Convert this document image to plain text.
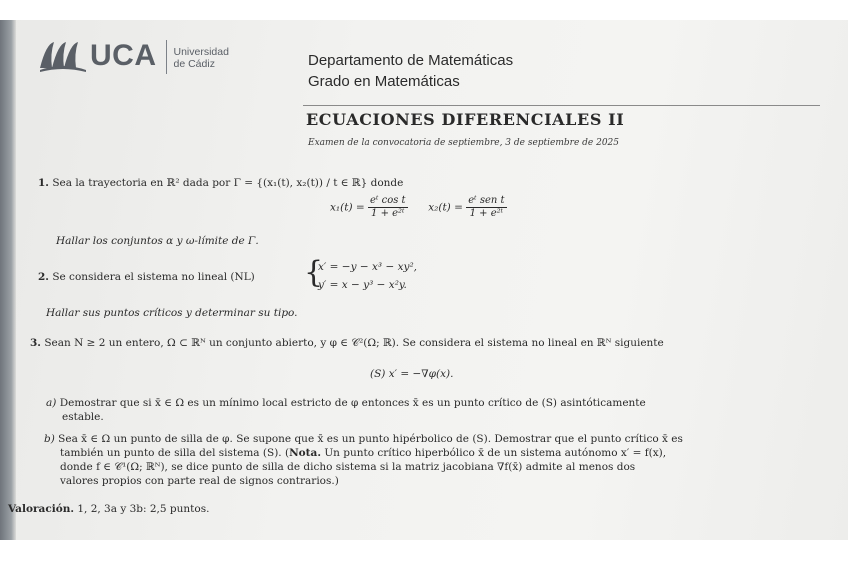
UCA Universidad
de Cádiz	Departamento de Matemáticas
Grado en Matemáticas
ECUACIONES DIFERENCIALES II
Examen de la convocatoria de septiembre, 3 de septiembre de 2025
1. Sea la trayectoria en ℝ² dada por Γ = {(x₁(t), x₂(t)) / t ∈ ℝ} donde
$x_1(t) = \frac{\text{eᵗ cos t}}{\text{1 + e²ᵗ}} x_2(t) = \frac{\text{eᵗ sen t}}{\text{1 + e²ᵗ}}$
Hallar los conjuntos α y ω-límite de Γ.
2. Se considera el sistema no lineal (NL) {
x′ = −y − x³ − xy²,
y′ = x − y³ − x²y.
Hallar sus puntos críticos y determinar su tipo.
3. Sean N ≥ 2 un entero, Ω ⊂ ℝᴺ un conjunto abierto, y φ ∈ 𝒞²(Ω; ℝ). Se considera el sistema no lineal en ℝᴺ siguiente
(S) x′ = −∇φ(x).
a) Demostrar que si x̄ ∈ Ω es un mínimo local estricto de φ entonces x̄ es un punto crítico de (S) asintóticamente
estable.
b) Sea x̄ ∈ Ω un punto de silla de φ. Se supone que x̄ es un punto hipérbolico de (S). Demostrar que el punto crítico x̄ es
también un punto de silla del sistema (S). (Nota. Un punto crítico hiperbólico x̄ de un sistema autónomo x′ = f(x),
donde f ∈ 𝒞¹(Ω; ℝᴺ), se dice punto de silla de dicho sistema si la matriz jacobiana ∇f(x̄) admite al menos dos
valores propios con parte real de signos contrarios.)
Valoración. 1, 2, 3a y 3b: 2,5 puntos.
